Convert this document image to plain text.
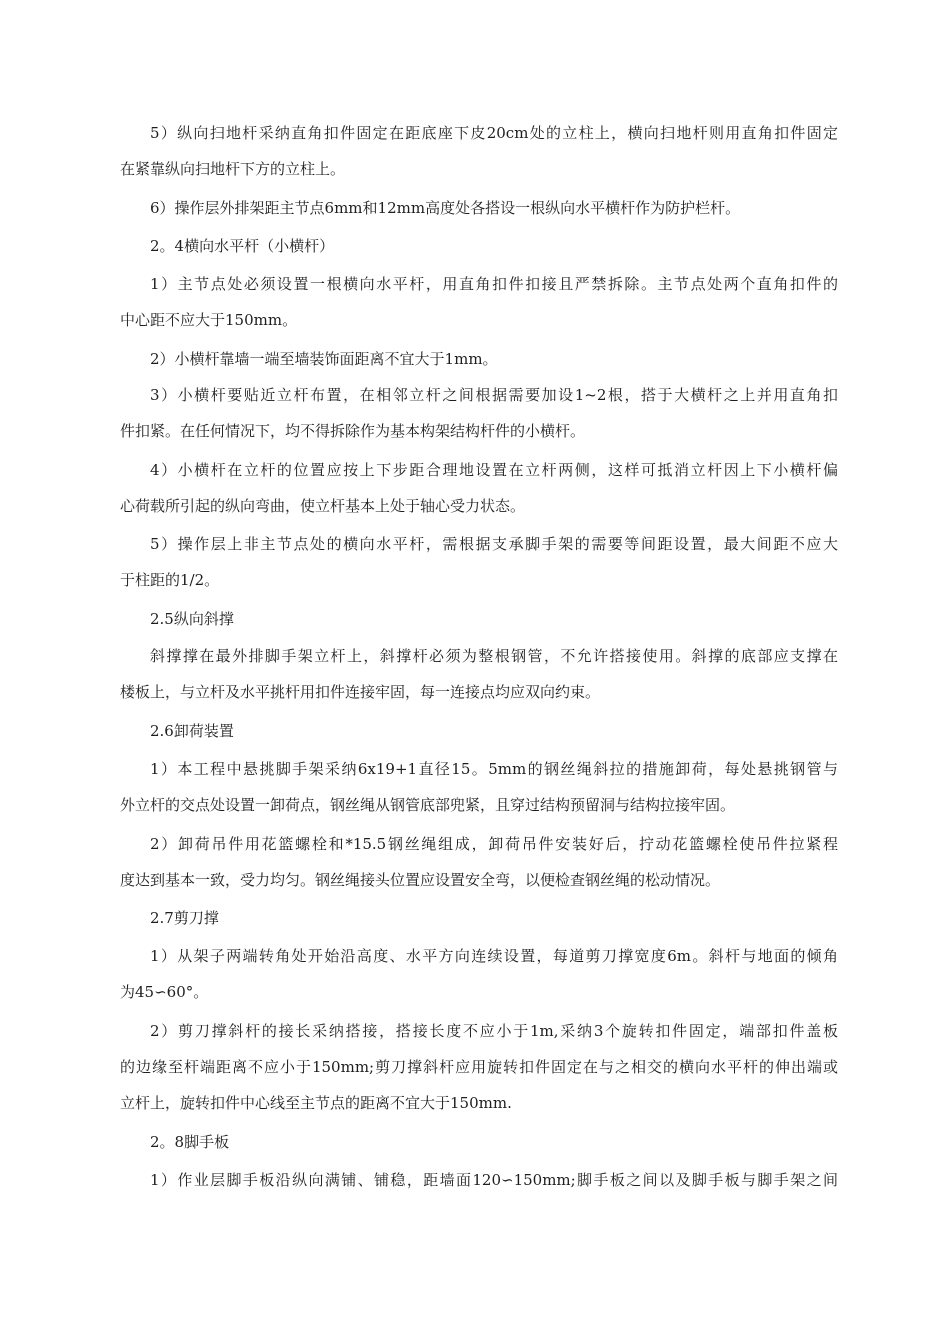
5）纵向扫地杆采纳直角扣件固定在距底座下皮20cm处的立柱上，横向扫地杆则用直角扣件固定
在紧靠纵向扫地杆下方的立柱上。
6）操作层外排架距主节点6mm和12mm高度处各搭设一根纵向水平横杆作为防护栏杆。
2。4横向水平杆（小横杆）
1）主节点处必须设置一根横向水平杆，用直角扣件扣接且严禁拆除。主节点处两个直角扣件的
中心距不应大于150mm。
2）小横杆靠墙一端至墙装饰面距离不宜大于1mm。
3）小横杆要贴近立杆布置，在相邻立杆之间根据需要加设1~2根，搭于大横杆之上并用直角扣
件扣紧。在任何情况下，均不得拆除作为基本构架结构杆件的小横杆。
4）小横杆在立杆的位置应按上下步距合理地设置在立杆两侧，这样可抵消立杆因上下小横杆偏
心荷载所引起的纵向弯曲，使立杆基本上处于轴心受力状态。
5）操作层上非主节点处的横向水平杆，需根据支承脚手架的需要等间距设置，最大间距不应大
于柱距的1/2。
2.5纵向斜撑
斜撑撑在最外排脚手架立杆上，斜撑杆必须为整根钢管，不允许搭接使用。斜撑的底部应支撑在
楼板上，与立杆及水平挑杆用扣件连接牢固，每一连接点均应双向约束。
2.6卸荷装置
1）本工程中悬挑脚手架采纳6x19+1直径15。5mm的钢丝绳斜拉的措施卸荷，每处悬挑钢管与
外立杆的交点处设置一卸荷点，钢丝绳从钢管底部兜紧，且穿过结构预留洞与结构拉接牢固。
2）卸荷吊件用花篮螺栓和*15.5钢丝绳组成，卸荷吊件安装好后，拧动花篮螺栓使吊件拉紧程
度达到基本一致，受力均匀。钢丝绳接头位置应设置安全弯，以便检查钢丝绳的松动情况。
2.7剪刀撑
1）从架子两端转角处开始沿高度、水平方向连续设置，每道剪刀撑宽度6m。斜杆与地面的倾角
为45∽60°。
2）剪刀撑斜杆的接长采纳搭接，搭接长度不应小于1m,采纳3个旋转扣件固定，端部扣件盖板
的边缘至杆端距离不应小于150mm;剪刀撑斜杆应用旋转扣件固定在与之相交的横向水平杆的伸出端或
立杆上，旋转扣件中心线至主节点的距离不宜大于150mm.
2。8脚手板
1）作业层脚手板沿纵向满铺、铺稳，距墙面120∽150mm;脚手板之间以及脚手板与脚手架之间
